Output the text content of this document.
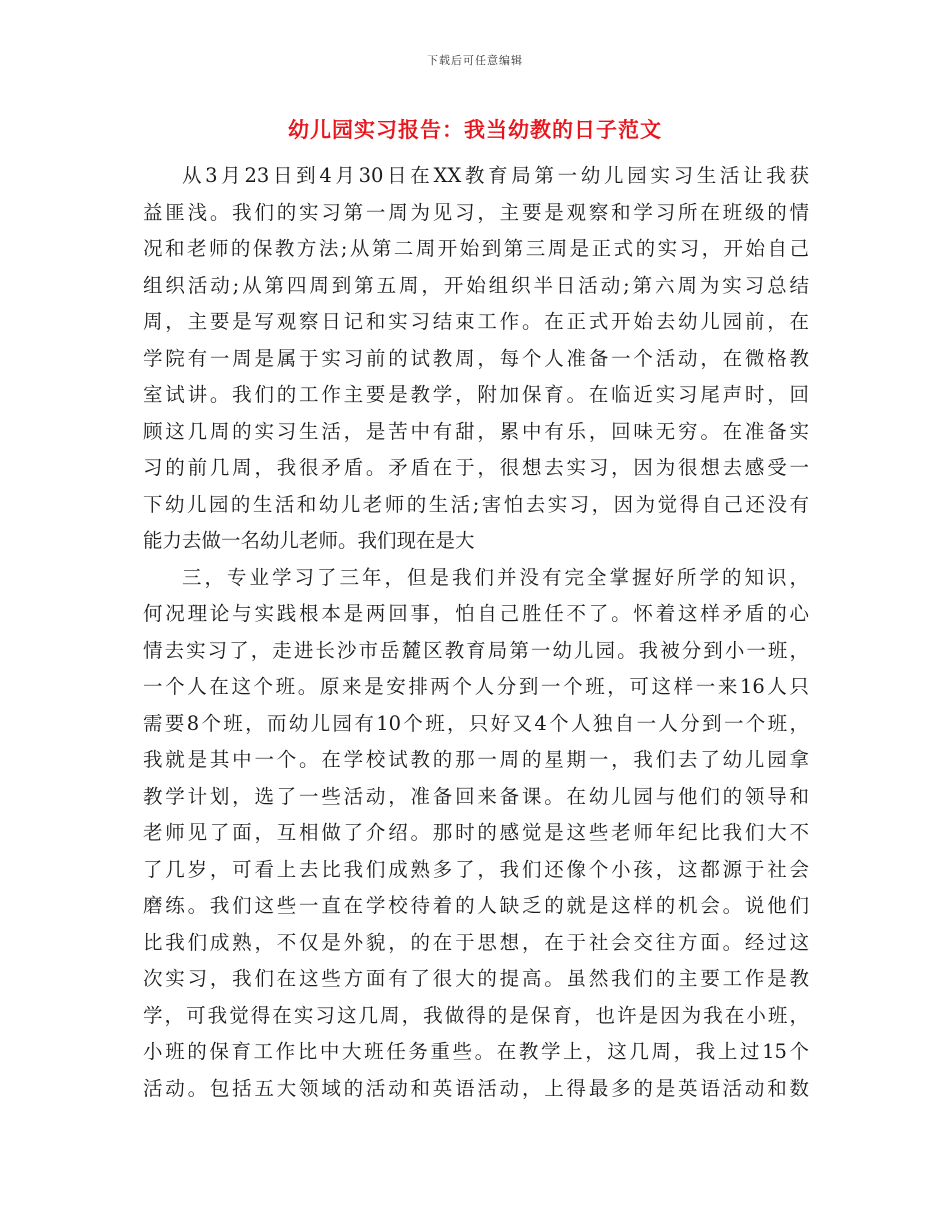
下载后可任意编辑
幼儿园实习报告：我当幼教的日子范文
从3月23日到4月30日在XX教育局第一幼儿园实习生活让我获
益匪浅。我们的实习第一周为见习，主要是观察和学习所在班级的情
况和老师的保教方法;从第二周开始到第三周是正式的实习，开始自己
组织活动;从第四周到第五周，开始组织半日活动;第六周为实习总结
周，主要是写观察日记和实习结束工作。在正式开始去幼儿园前，在
学院有一周是属于实习前的试教周，每个人准备一个活动，在微格教
室试讲。我们的工作主要是教学，附加保育。在临近实习尾声时，回
顾这几周的实习生活，是苦中有甜，累中有乐，回味无穷。在准备实
习的前几周，我很矛盾。矛盾在于，很想去实习，因为很想去感受一
下幼儿园的生活和幼儿老师的生活;害怕去实习，因为觉得自己还没有
能力去做一名幼儿老师。我们现在是大
三，专业学习了三年，但是我们并没有完全掌握好所学的知识，
何况理论与实践根本是两回事，怕自己胜任不了。怀着这样矛盾的心
情去实习了，走进长沙市岳麓区教育局第一幼儿园。我被分到小一班，
一个人在这个班。原来是安排两个人分到一个班，可这样一来16人只
需要8个班，而幼儿园有10个班，只好又4个人独自一人分到一个班，
我就是其中一个。在学校试教的那一周的星期一，我们去了幼儿园拿
教学计划，选了一些活动，准备回来备课。在幼儿园与他们的领导和
老师见了面，互相做了介绍。那时的感觉是这些老师年纪比我们大不
了几岁，可看上去比我们成熟多了，我们还像个小孩，这都源于社会
磨练。我们这些一直在学校待着的人缺乏的就是这样的机会。说他们
比我们成熟，不仅是外貌，的在于思想，在于社会交往方面。经过这
次实习，我们在这些方面有了很大的提高。虽然我们的主要工作是教
学，可我觉得在实习这几周，我做得的是保育，也许是因为我在小班，
小班的保育工作比中大班任务重些。在教学上，这几周，我上过15个
活动。包括五大领域的活动和英语活动，上得最多的是英语活动和数
